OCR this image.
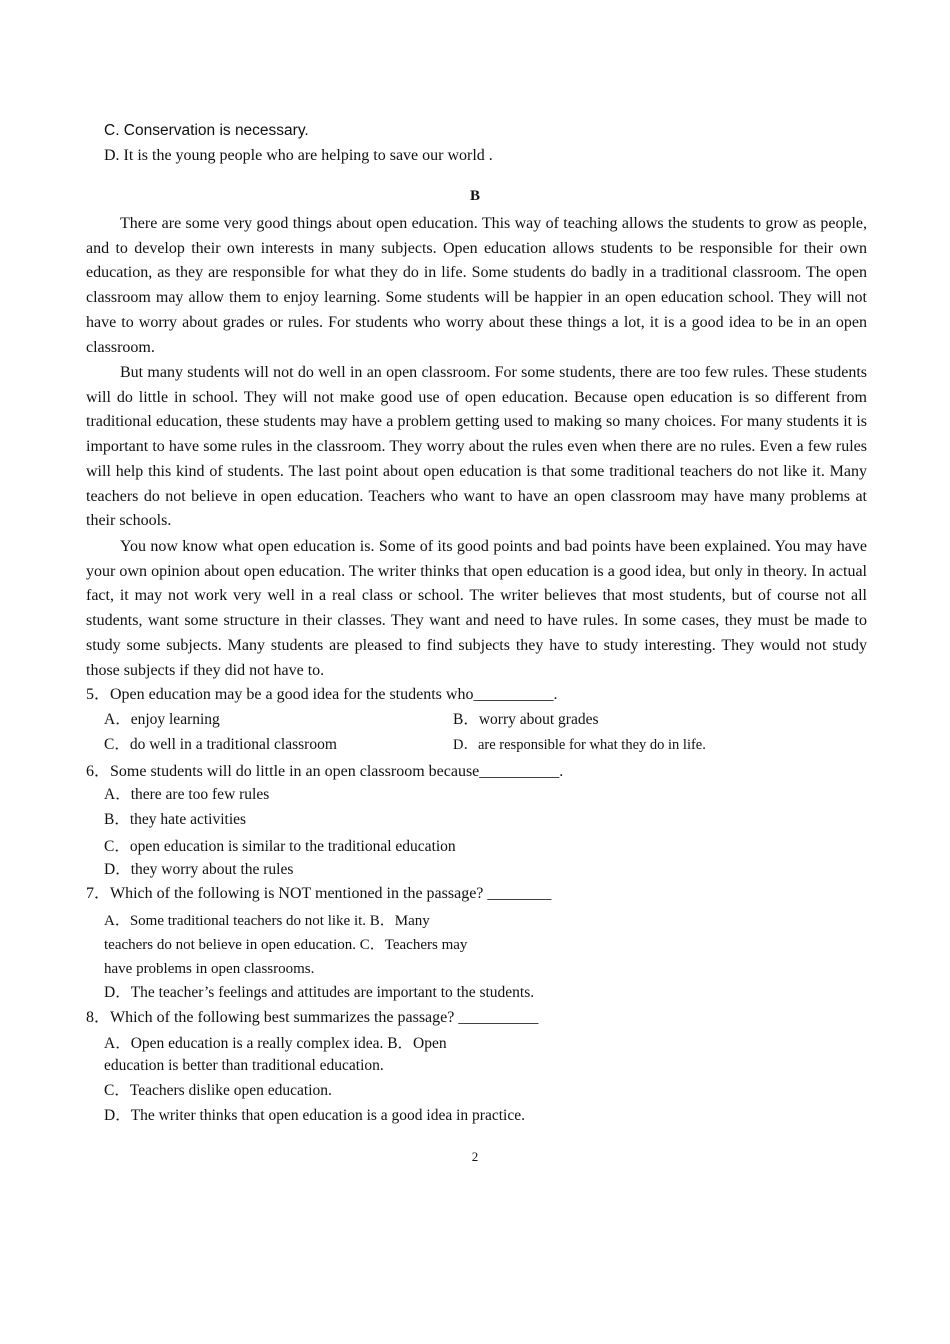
C. Conservation is necessary.
D. It is the young people who are helping to save our world .
B

There are some very good things about open education. This way of teaching allows the students to grow as people, and to develop their own interests in many subjects. Open education allows students to be responsible for their own education, as they are responsible for what they do in life. Some students do badly in a traditional classroom. The open classroom may allow them to enjoy learning. Some students will be happier in an open education school. They will not have to worry about grades or rules. For students who worry about these things a lot, it is a good idea to be in an open classroom.

But many students will not do well in an open classroom. For some students, there are too few rules. These students will do little in school. They will not make good use of open education. Because open education is so different from traditional education, these students may have a problem getting used to making so many choices. For many students it is important to have some rules in the classroom. They worry about the rules even when there are no rules. Even a few rules will help this kind of students. The last point about open education is that some traditional teachers do not like it. Many teachers do not believe in open education. Teachers who want to have an open classroom may have many problems at their schools.

You now know what open education is. Some of its good points and bad points have been explained. You may have your own opinion about open education. The writer thinks that open education is a good idea, but only in theory. In actual fact, it may not work very well in a real class or school. The writer believes that most students, but of course not all students, want some structure in their classes. They want and need to have rules. In some cases, they must be made to study some subjects. Many students are pleased to find subjects they have to study interesting. They would not study those subjects if they did not have to.

5．Open education may be a good idea for the students who__________.
A．enjoy learning	B．worry about grades
C．do well in a traditional classroom	D．are responsible for what they do in life.
6．Some students will do little in an open classroom because__________.
A．there are too few rules
B．they hate activities
C．open education is similar to the traditional education
D．they worry about the rules
7．Which of the following is NOT mentioned in the passage? ________
A．Some traditional teachers do not like it. B．Many teachers do not believe in open education. C．Teachers may have problems in open classrooms.
D．The teacher’s feelings and attitudes are important to the students.
8．Which of the following best summarizes the passage? __________
A．Open education is a really complex idea. B．Open education is better than traditional education.
C．Teachers dislike open education.
D．The writer thinks that open education is a good idea in practice.
2
